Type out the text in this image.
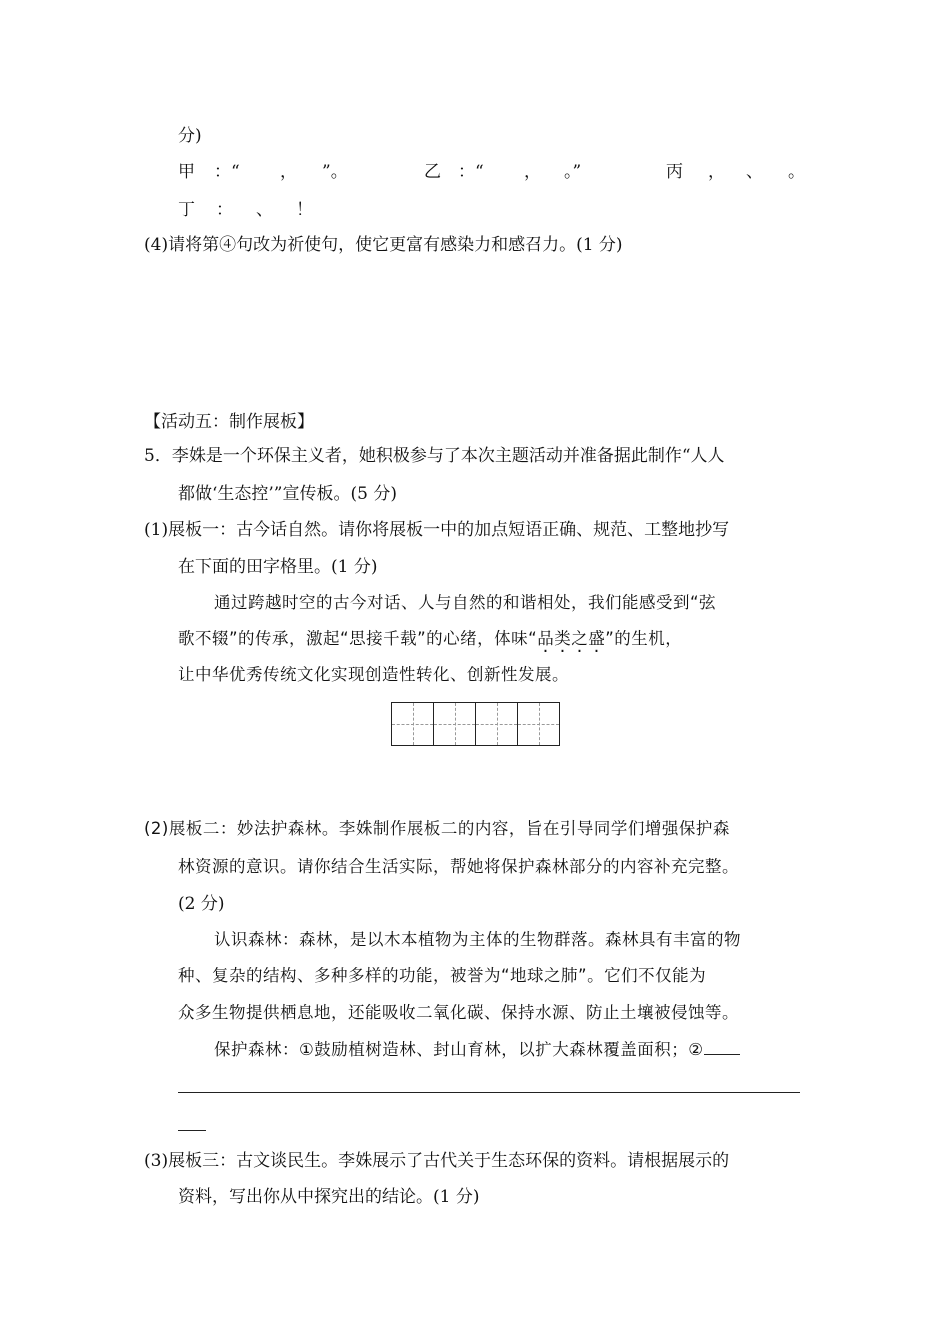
分)
甲 ：“ ， ”。	乙 ：“ ， 。”	丙 ， 、 。
丁 ： 、 ！
(4)请将第④句改为祈使句，使它更富有感染力和感召力。(1 分)
【活动五：制作展板】
5．李姝是一个环保主义者，她积极参与了本次主题活动并准备据此制作“人人
都做‘生态控’”宣传板。(5 分)
(1)展板一：古今话自然。请你将展板一中的加点短语正确、规范、工整地抄写
在下面的田字格里。(1 分)
通过跨越时空的古今对话、人与自然的和谐相处，我们能感受到“弦
歌不辍”的传承，激起“思接千载”的心绪，体味“品类之盛”的生机，
让中华优秀传统文化实现创造性转化、创新性发展。
(2)展板二：妙法护森林。李姝制作展板二的内容，旨在引导同学们增强保护森
林资源的意识。请你结合生活实际，帮她将保护森林部分的内容补充完整。
(2 分)
认识森林：森林，是以木本植物为主体的生物群落。森林具有丰富的物
种、复杂的结构、多种多样的功能，被誉为“地球之肺”。它们不仅能为
众多生物提供栖息地，还能吸收二氧化碳、保持水源、防止土壤被侵蚀等。
保护森林：①鼓励植树造林、封山育林，以扩大森林覆盖面积；②
(3)展板三：古文谈民生。李姝展示了古代关于生态环保的资料。请根据展示的
资料，写出你从中探究出的结论。(1 分)
